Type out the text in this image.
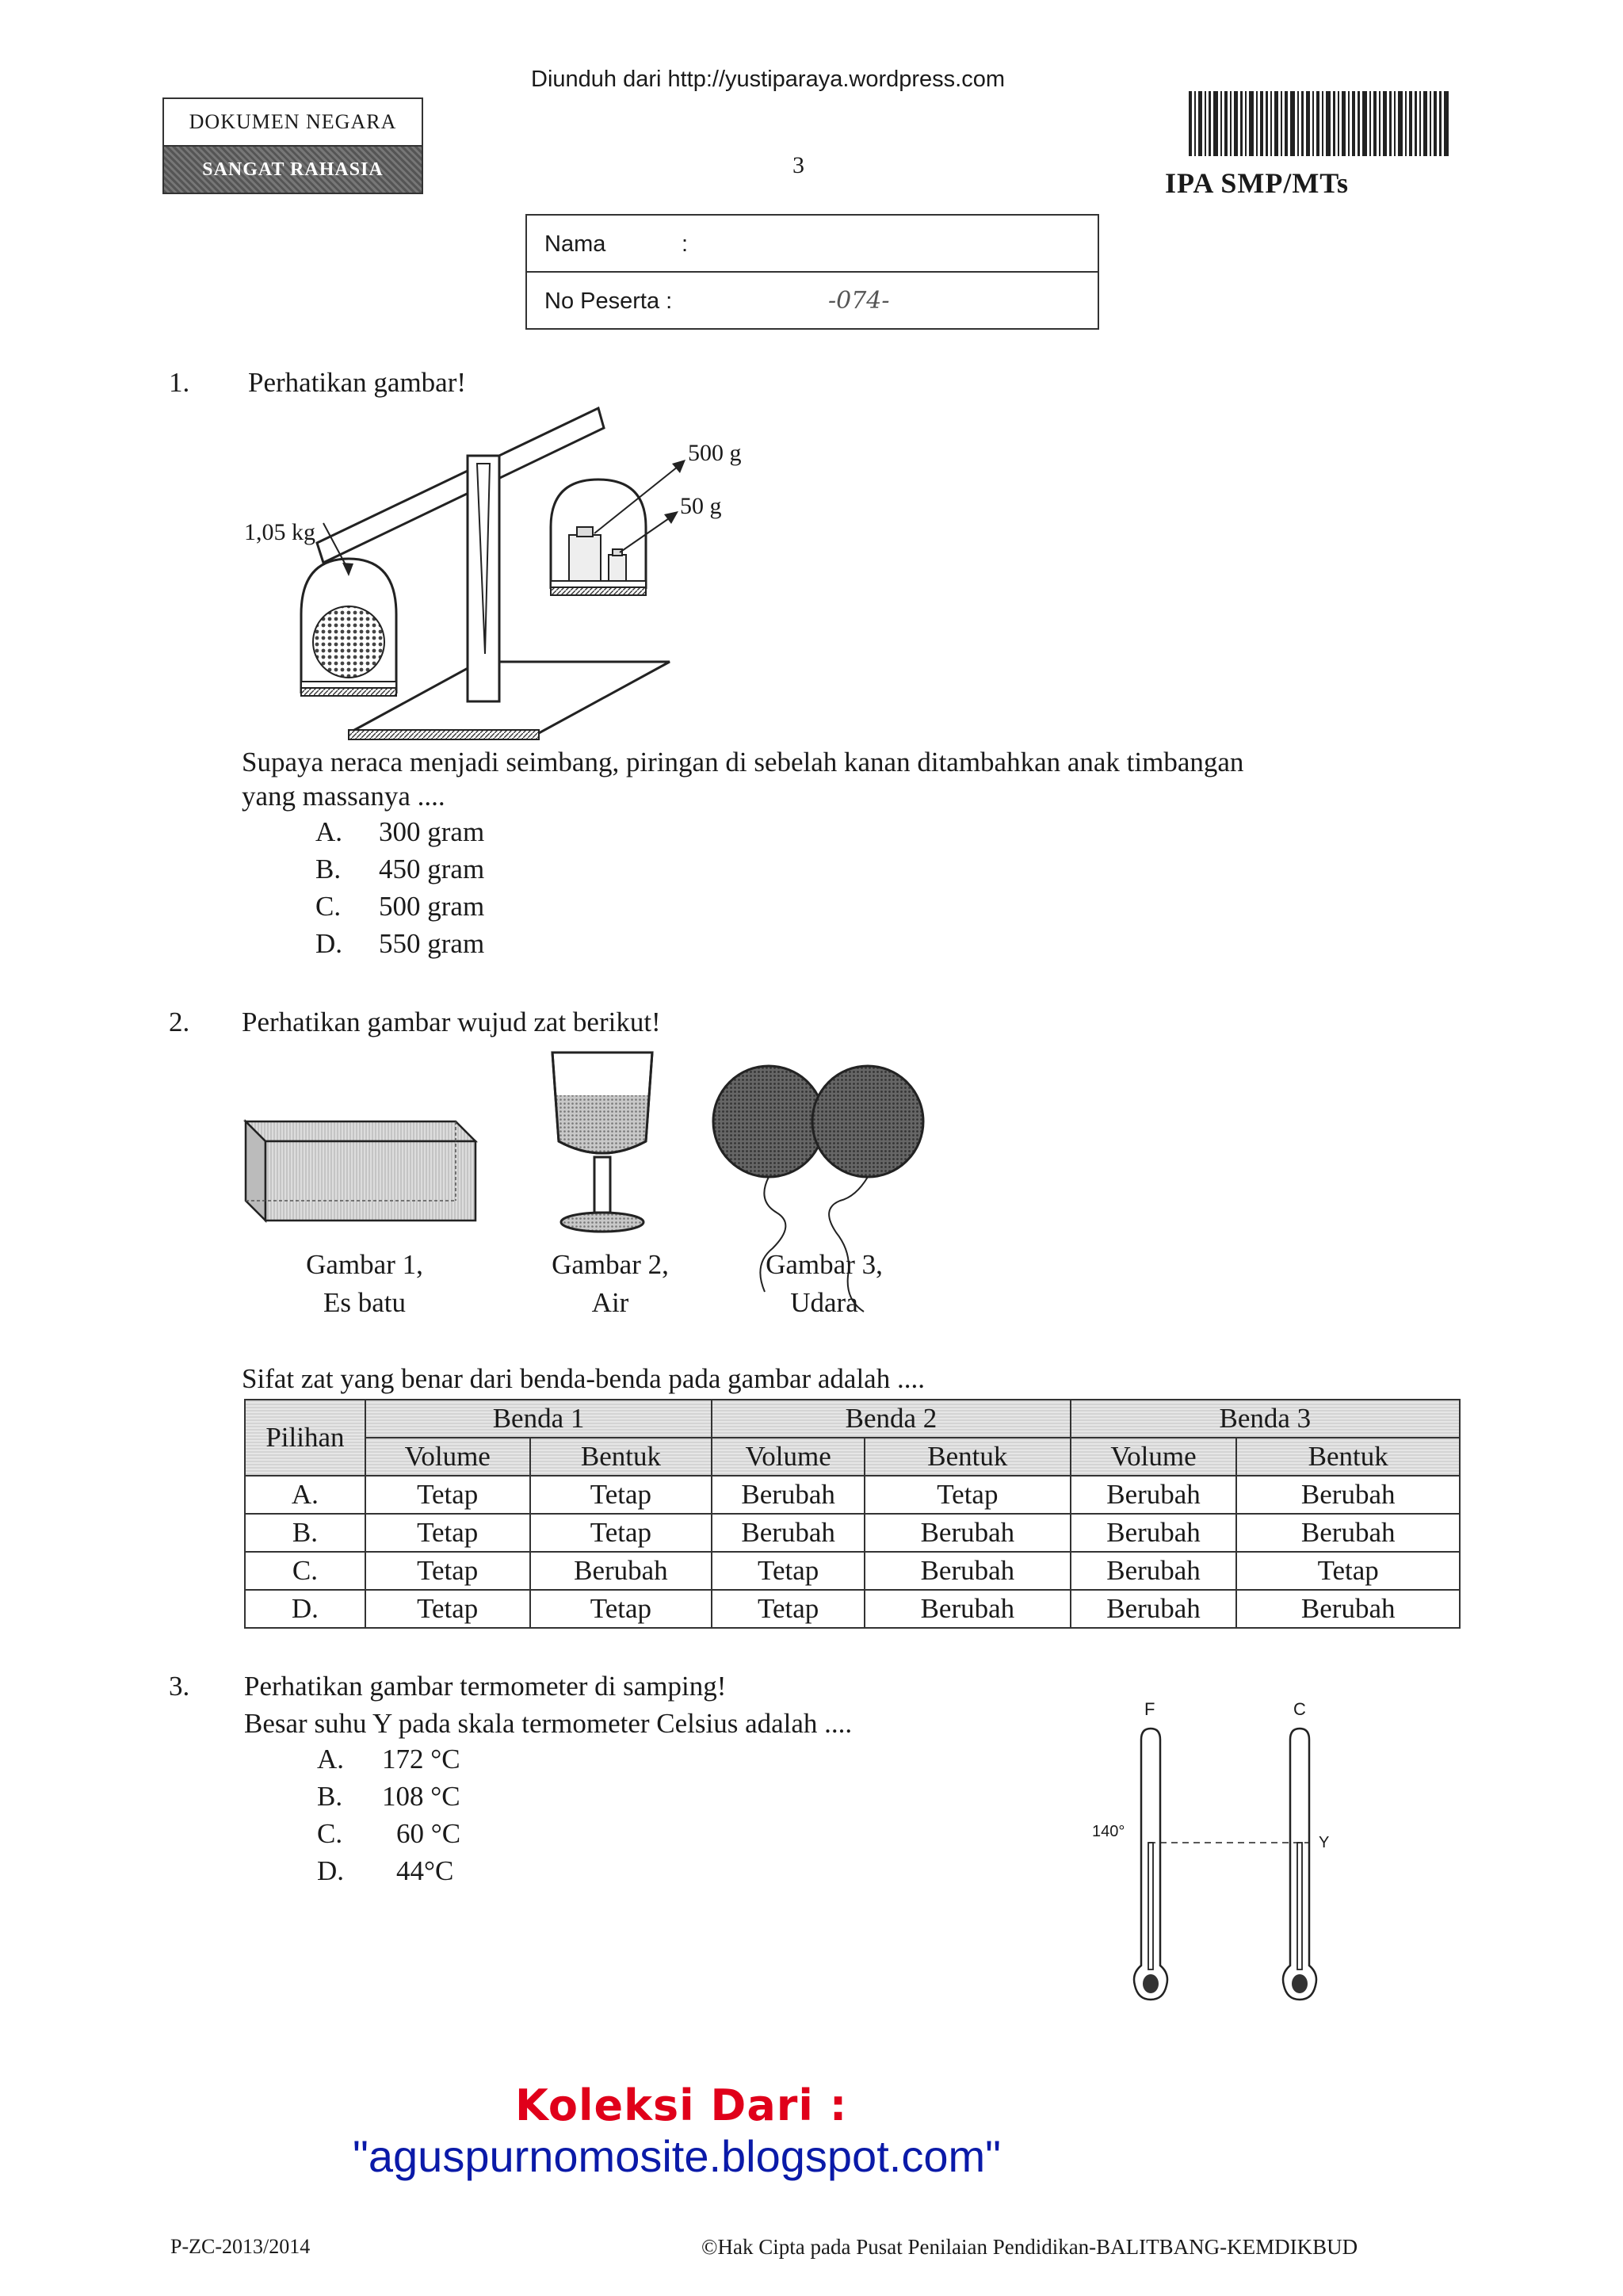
Diunduh dari http://yustiparaya.wordpress.com
DOKUMEN NEGARA
SANGAT RAHASIA	3
IPA SMP/MTs
Nama	:
No Peserta :	-074-
1. Perhatikan gambar!
1,05 kg
500 g
50 g
Supaya neraca menjadi seimbang, piringan di sebelah kanan ditambahkan anak timbangan
yang massanya ....
A. 300 gram
B. 450 gram
C. 500 gram
D. 550 gram
2. Perhatikan gambar wujud zat berikut!
Gambar 1,
Es batu
Gambar 2,
Air
Gambar 3,
Udara
Sifat zat yang benar dari benda-benda pada gambar adalah ....
Pilihan	Benda 1		Benda 2		Benda 3	
	Volume	Bentuk	Volume	Bentuk	Volume	Bentuk
A.	Tetap	Tetap	Berubah	Tetap	Berubah	Berubah
B.	Tetap	Tetap	Berubah	Berubah	Berubah	Berubah
C.	Tetap	Berubah	Tetap	Berubah	Berubah	Tetap
D.	Tetap	Tetap	Tetap	Berubah	Berubah	Berubah
3. Perhatikan gambar termometer di samping!
Besar suhu Y pada skala termometer Celsius adalah ....
A. 172 °C
B. 108 °C
C. 60 °C
D. 44°C
F	C
140°
Y
Koleksi Dari :
"aguspurnomosite.blogspot.com"
P-ZC-2013/2014	©Hak Cipta pada Pusat Penilaian Pendidikan-BALITBANG-KEMDIKBUD
